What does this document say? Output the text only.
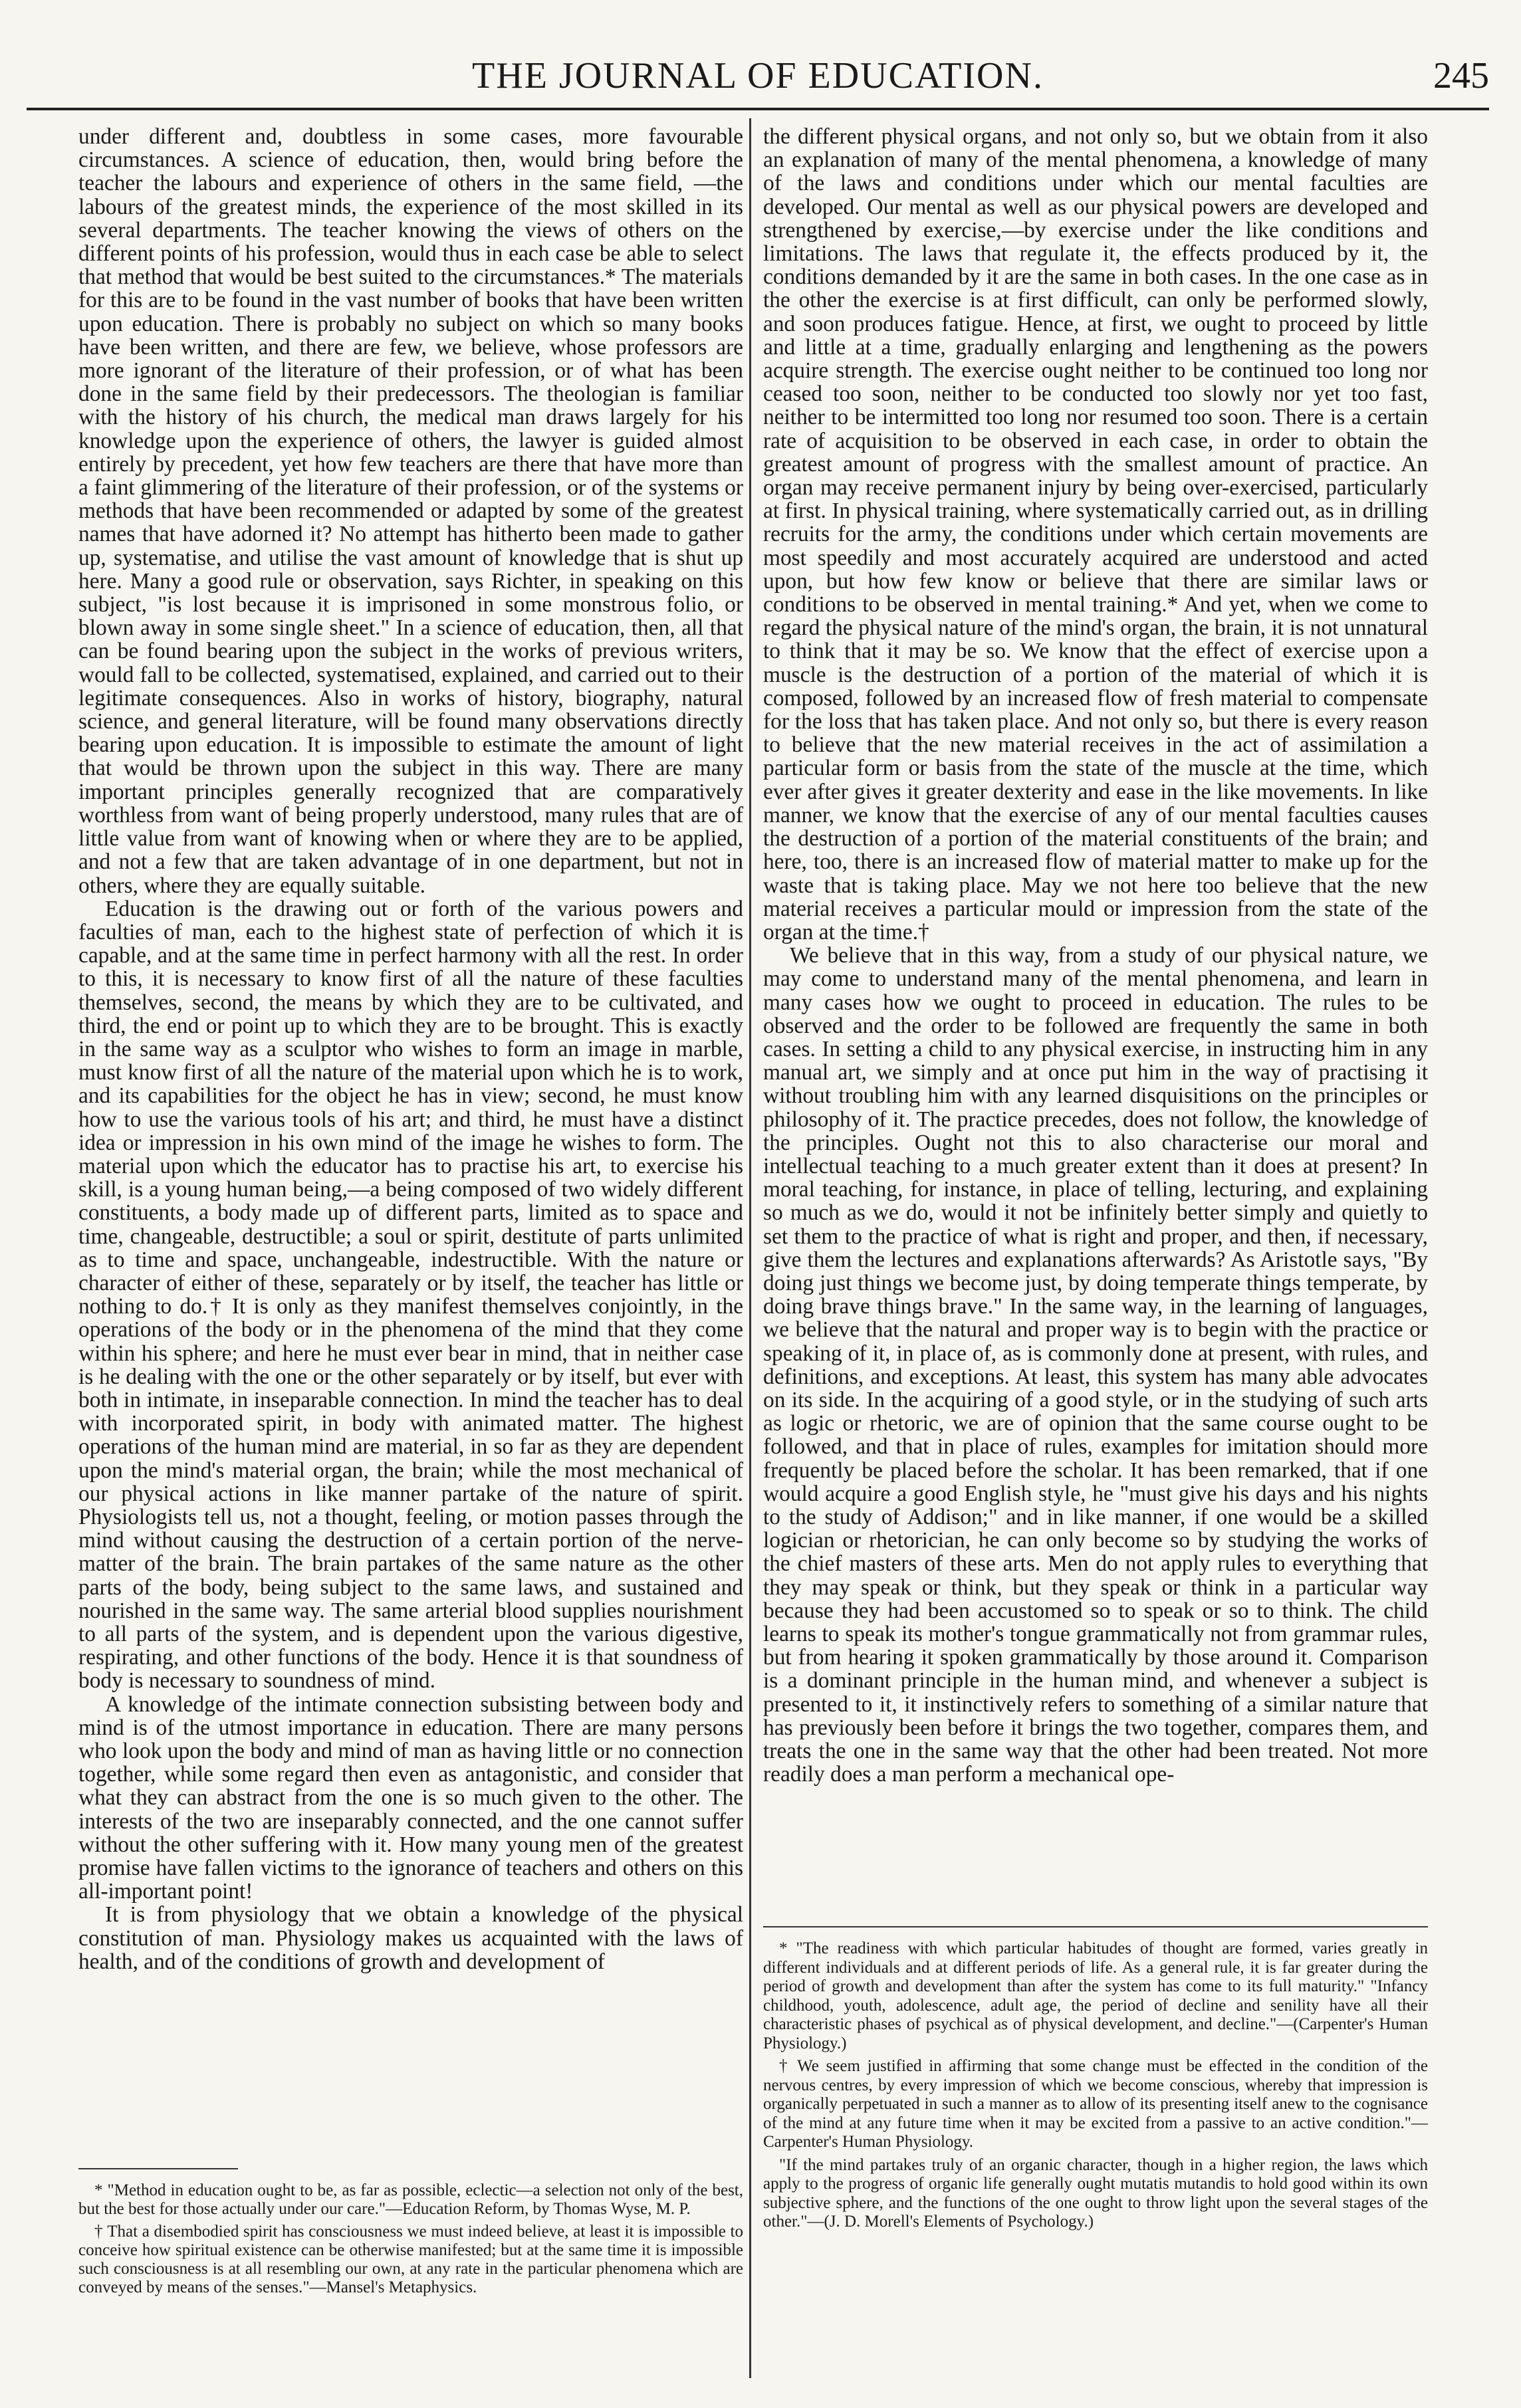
THE JOURNAL OF EDUCATION.	245

under different and, doubtless in some cases, more favourable circumstances. A science of education, then, would bring before the teacher the labours and experience of others in the same field, —the labours of the greatest minds, the experience of the most skilled in its several departments. The teacher knowing the views of others on the different points of his profession, would thus in each case be able to select that method that would be best suited to the circumstances.* The materials for this are to be found in the vast number of books that have been written upon education. There is probably no subject on which so many books have been written, and there are few, we believe, whose professors are more ignorant of the literature of their profession, or of what has been done in the same field by their predecessors. The theologian is familiar with the history of his church, the medical man draws largely for his knowledge upon the experience of others, the lawyer is guided almost entirely by precedent, yet how few teachers are there that have more than a faint glimmering of the literature of their profession, or of the systems or methods that have been recommended or adapted by some of the greatest names that have adorned it? No attempt has hitherto been made to gather up, systematise, and utilise the vast amount of knowledge that is shut up here. Many a good rule or observation, says Richter, in speaking on this subject, "is lost because it is imprisoned in some monstrous folio, or blown away in some single sheet." In a science of education, then, all that can be found bearing upon the subject in the works of previous writers, would fall to be collected, systematised, explained, and carried out to their legitimate consequences. Also in works of history, biography, natural science, and general literature, will be found many observations directly bearing upon education. It is impossible to estimate the amount of light that would be thrown upon the subject in this way. There are many important principles generally recognized that are comparatively worthless from want of being properly understood, many rules that are of little value from want of knowing when or where they are to be applied, and not a few that are taken advantage of in one department, but not in others, where they are equally suitable.

Education is the drawing out or forth of the various powers and faculties of man, each to the highest state of perfection of which it is capable, and at the same time in perfect harmony with all the rest. In order to this, it is necessary to know first of all the nature of these faculties themselves, second, the means by which they are to be cultivated, and third, the end or point up to which they are to be brought. This is exactly in the same way as a sculptor who wishes to form an image in marble, must know first of all the nature of the material upon which he is to work, and its capabilities for the object he has in view; second, he must know how to use the various tools of his art; and third, he must have a distinct idea or impression in his own mind of the image he wishes to form. The material upon which the educator has to practise his art, to exercise his skill, is a young human being,—a being composed of two widely different constituents, a body made up of different parts, limited as to space and time, changeable, destructible; a soul or spirit, destitute of parts unlimited as to time and space, unchangeable, indestructible. With the nature or character of either of these, separately or by itself, the teacher has little or nothing to do.† It is only as they manifest themselves conjointly, in the operations of the body or in the phenomena of the mind that they come within his sphere; and here he must ever bear in mind, that in neither case is he dealing with the one or the other separately or by itself, but ever with both in intimate, in inseparable connection. In mind the teacher has to deal with incorporated spirit, in body with animated matter. The highest operations of the human mind are material, in so far as they are dependent upon the mind's material organ, the brain; while the most mechanical of our physical actions in like manner partake of the nature of spirit. Physiologists tell us, not a thought, feeling, or motion passes through the mind without causing the destruction of a certain portion of the nerve-matter of the brain. The brain partakes of the same nature as the other parts of the body, being subject to the same laws, and sustained and nourished in the same way. The same arterial blood supplies nourishment to all parts of the system, and is dependent upon the various digestive, respirating, and other functions of the body. Hence it is that soundness of body is necessary to soundness of mind.

A knowledge of the intimate connection subsisting between body and mind is of the utmost importance in education. There are many persons who look upon the body and mind of man as having little or no connection together, while some regard then even as antagonistic, and consider that what they can abstract from the one is so much given to the other. The interests of the two are inseparably connected, and the one cannot suffer without the other suffering with it. How many young men of the greatest promise have fallen victims to the ignorance of teachers and others on this all-important point!

It is from physiology that we obtain a knowledge of the physical constitution of man. Physiology makes us acquainted with the laws of health, and of the conditions of growth and development of

* "Method in education ought to be, as far as possible, eclectic—a selection not only of the best, but the best for those actually under our care."—Education Reform, by Thomas Wyse, M. P.

† That a disembodied spirit has consciousness we must indeed believe, at least it is impossible to conceive how spiritual existence can be otherwise manifested; but at the same time it is impossible such consciousness is at all resembling our own, at any rate in the particular phenomena which are conveyed by means of the senses."—Mansel's Metaphysics.

the different physical organs, and not only so, but we obtain from it also an explanation of many of the mental phenomena, a knowledge of many of the laws and conditions under which our mental faculties are developed. Our mental as well as our physical powers are developed and strengthened by exercise,—by exercise under the like conditions and limitations. The laws that regulate it, the effects produced by it, the conditions demanded by it are the same in both cases. In the one case as in the other the exercise is at first difficult, can only be performed slowly, and soon produces fatigue. Hence, at first, we ought to proceed by little and little at a time, gradually enlarging and lengthening as the powers acquire strength. The exercise ought neither to be continued too long nor ceased too soon, neither to be conducted too slowly nor yet too fast, neither to be intermitted too long nor resumed too soon. There is a certain rate of acquisition to be observed in each case, in order to obtain the greatest amount of progress with the smallest amount of practice. An organ may receive permanent injury by being over-exercised, particularly at first. In physical training, where systematically carried out, as in drilling recruits for the army, the conditions under which certain movements are most speedily and most accurately acquired are understood and acted upon, but how few know or believe that there are similar laws or conditions to be observed in mental training.* And yet, when we come to regard the physical nature of the mind's organ, the brain, it is not unnatural to think that it may be so. We know that the effect of exercise upon a muscle is the destruction of a portion of the material of which it is composed, followed by an increased flow of fresh material to compensate for the loss that has taken place. And not only so, but there is every reason to believe that the new material receives in the act of assimilation a particular form or basis from the state of the muscle at the time, which ever after gives it greater dexterity and ease in the like movements. In like manner, we know that the exercise of any of our mental faculties causes the destruction of a portion of the material constituents of the brain; and here, too, there is an increased flow of material matter to make up for the waste that is taking place. May we not here too believe that the new material receives a particular mould or impression from the state of the organ at the time.†

We believe that in this way, from a study of our physical nature, we may come to understand many of the mental phenomena, and learn in many cases how we ought to proceed in education. The rules to be observed and the order to be followed are frequently the same in both cases. In setting a child to any physical exercise, in instructing him in any manual art, we simply and at once put him in the way of practising it without troubling him with any learned disquisitions on the principles or philosophy of it. The practice precedes, does not follow, the knowledge of the principles. Ought not this to also characterise our moral and intellectual teaching to a much greater extent than it does at present? In moral teaching, for instance, in place of telling, lecturing, and explaining so much as we do, would it not be infinitely better simply and quietly to set them to the practice of what is right and proper, and then, if necessary, give them the lectures and explanations afterwards? As Aristotle says, "By doing just things we become just, by doing temperate things temperate, by doing brave things brave." In the same way, in the learning of languages, we believe that the natural and proper way is to begin with the practice or speaking of it, in place of, as is commonly done at present, with rules, and definitions, and exceptions. At least, this system has many able advocates on its side. In the acquiring of a good style, or in the studying of such arts as logic or rhetoric, we are of opinion that the same course ought to be followed, and that in place of rules, examples for imitation should more frequently be placed before the scholar. It has been remarked, that if one would acquire a good English style, he "must give his days and his nights to the study of Addison;" and in like manner, if one would be a skilled logician or rhetorician, he can only become so by studying the works of the chief masters of these arts. Men do not apply rules to everything that they may speak or think, but they speak or think in a particular way because they had been accustomed so to speak or so to think. The child learns to speak its mother's tongue grammatically not from grammar rules, but from hearing it spoken grammatically by those around it. Comparison is a dominant principle in the human mind, and whenever a subject is presented to it, it instinctively refers to something of a similar nature that has previously been before it brings the two together, compares them, and treats the one in the same way that the other had been treated. Not more readily does a man perform a mechanical ope-

* "The readiness with which particular habitudes of thought are formed, varies greatly in different individuals and at different periods of life. As a general rule, it is far greater during the period of growth and development than after the system has come to its full maturity." "Infancy childhood, youth, adolescence, adult age, the period of decline and senility have all their characteristic phases of psychical as of physical development, and decline."—(Carpenter's Human Physiology.)

† We seem justified in affirming that some change must be effected in the condition of the nervous centres, by every impression of which we become conscious, whereby that impression is organically perpetuated in such a manner as to allow of its presenting itself anew to the cognisance of the mind at any future time when it may be excited from a passive to an active condition."—Carpenter's Human Physiology.

"If the mind partakes truly of an organic character, though in a higher region, the laws which apply to the progress of organic life generally ought mutatis mutandis to hold good within its own subjective sphere, and the functions of the one ought to throw light upon the several stages of the other."—(J. D. Morell's Elements of Psychology.)
